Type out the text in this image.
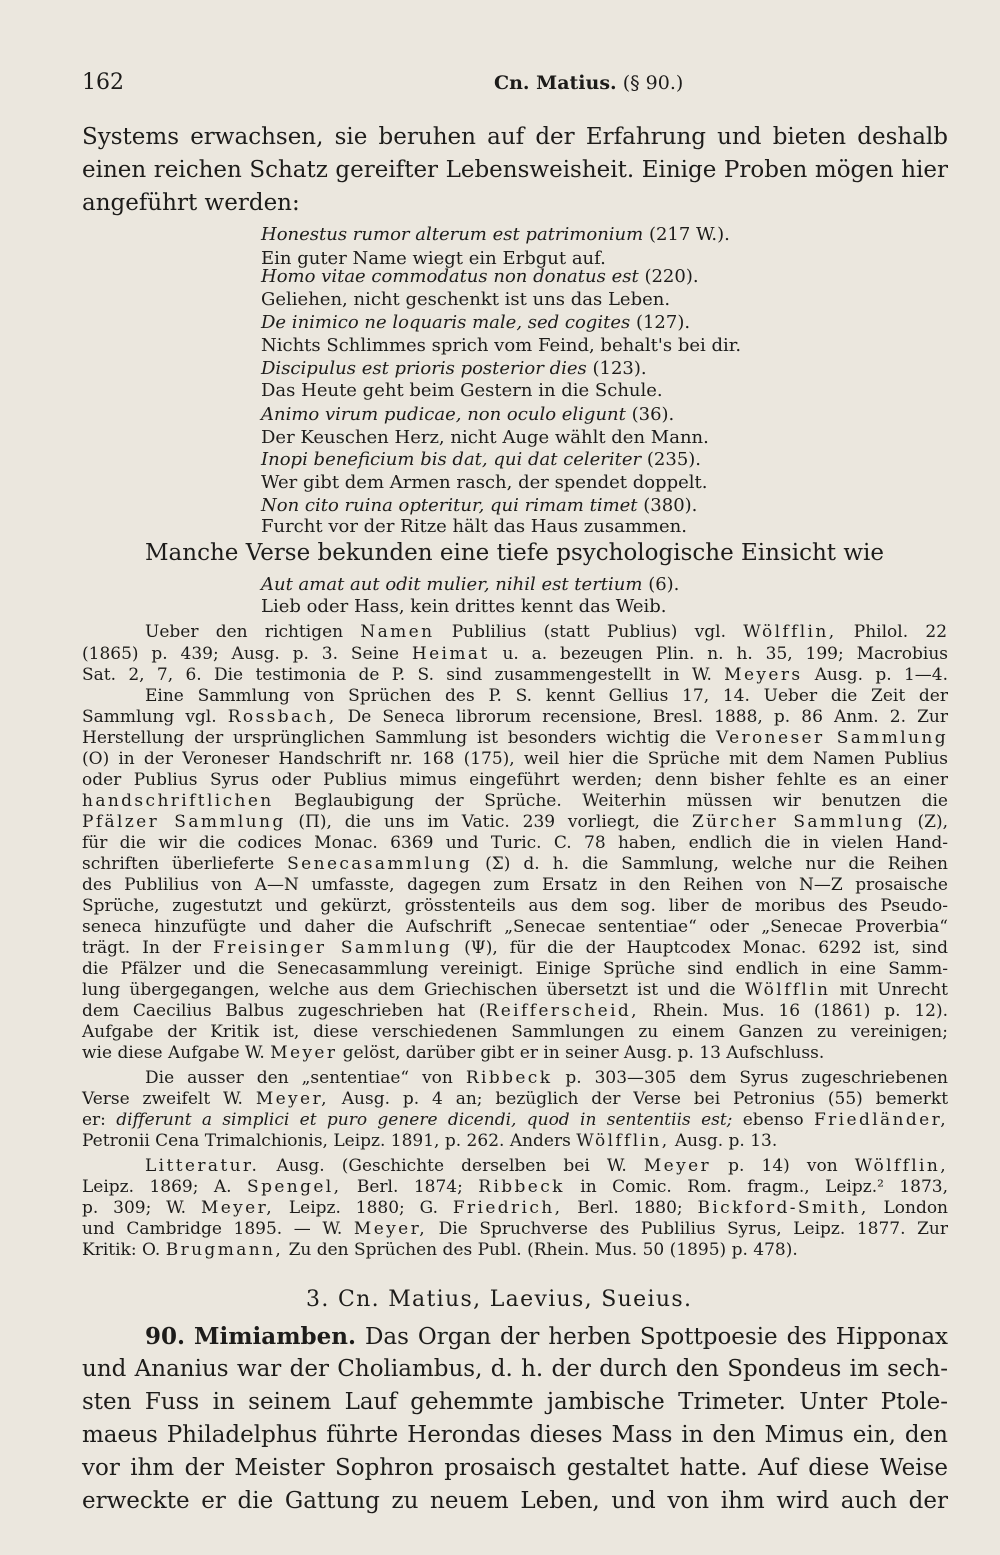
162	Cn. Matius. (§ 90.)
Systems erwachsen, sie beruhen auf der Erfahrung und bieten deshalb
einen reichen Schatz gereifter Lebensweisheit. Einige Proben mögen hier
angeführt werden:
Honestus rumor alterum est patrimonium (217 W.).
Ein guter Name wiegt ein Erbgut auf.
Homo vitae commodatus non donatus est (220).
Geliehen, nicht geschenkt ist uns das Leben.
De inimico ne loquaris male, sed cogites (127).
Nichts Schlimmes sprich vom Feind, behalt's bei dir.
Discipulus est prioris posterior dies (123).
Das Heute geht beim Gestern in die Schule.
Animo virum pudicae, non oculo eligunt (36).
Der Keuschen Herz, nicht Auge wählt den Mann.
Inopi beneficium bis dat, qui dat celeriter (235).
Wer gibt dem Armen rasch, der spendet doppelt.
Non cito ruina opteritur, qui rimam timet (380).
Furcht vor der Ritze hält das Haus zusammen.
Manche Verse bekunden eine tiefe psychologische Einsicht wie
Aut amat aut odit mulier, nihil est tertium (6).
Lieb oder Hass, kein drittes kennt das Weib.
Ueber den richtigen Namen Publilius (statt Publius) vgl. Wölfflin, Philol. 22
(1865) p. 439; Ausg. p. 3. Seine Heimat u. a. bezeugen Plin. n. h. 35, 199; Macrobius
Sat. 2, 7, 6. Die testimonia de P. S. sind zusammengestellt in W. Meyers Ausg. p. 1—4.
Eine Sammlung von Sprüchen des P. S. kennt Gellius 17, 14. Ueber die Zeit der
Sammlung vgl. Rossbach, De Seneca librorum recensione, Bresl. 1888, p. 86 Anm. 2. Zur
Herstellung der ursprünglichen Sammlung ist besonders wichtig die Veroneser Sammlung
(O) in der Veroneser Handschrift nr. 168 (175), weil hier die Sprüche mit dem Namen Publius
oder Publius Syrus oder Publius mimus eingeführt werden; denn bisher fehlte es an einer
handschriftlichen Beglaubigung der Sprüche. Weiterhin müssen wir benutzen die
Pfälzer Sammlung (Π), die uns im Vatic. 239 vorliegt, die Zürcher Sammlung (Z),
für die wir die codices Monac. 6369 und Turic. C. 78 haben, endlich die in vielen Hand-
schriften überlieferte Senecasammlung (Σ) d. h. die Sammlung, welche nur die Reihen
des Publilius von A—N umfasste, dagegen zum Ersatz in den Reihen von N—Z prosaische
Sprüche, zugestutzt und gekürzt, grösstenteils aus dem sog. liber de moribus des Pseudo-
seneca hinzufügte und daher die Aufschrift „Senecae sententiae“ oder „Senecae Proverbia“
trägt. In der Freisinger Sammlung (Ψ), für die der Hauptcodex Monac. 6292 ist, sind
die Pfälzer und die Senecasammlung vereinigt. Einige Sprüche sind endlich in eine Samm-
lung übergegangen, welche aus dem Griechischen übersetzt ist und die Wölfflin mit Unrecht
dem Caecilius Balbus zugeschrieben hat (Reifferscheid, Rhein. Mus. 16 (1861) p. 12).
Aufgabe der Kritik ist, diese verschiedenen Sammlungen zu einem Ganzen zu vereinigen;
wie diese Aufgabe W. Meyer gelöst, darüber gibt er in seiner Ausg. p. 13 Aufschluss.
Die ausser den „sententiae“ von Ribbeck p. 303—305 dem Syrus zugeschriebenen
Verse zweifelt W. Meyer, Ausg. p. 4 an; bezüglich der Verse bei Petronius (55) bemerkt
er: differunt a simplici et puro genere dicendi, quod in sententiis est; ebenso Friedländer,
Petronii Cena Trimalchionis, Leipz. 1891, p. 262. Anders Wölfflin, Ausg. p. 13.
Litteratur. Ausg. (Geschichte derselben bei W. Meyer p. 14) von Wölfflin,
Leipz. 1869; A. Spengel, Berl. 1874; Ribbeck in Comic. Rom. fragm., Leipz.² 1873,
p. 309; W. Meyer, Leipz. 1880; G. Friedrich, Berl. 1880; Bickford-Smith, London
und Cambridge 1895. — W. Meyer, Die Spruchverse des Publilius Syrus, Leipz. 1877. Zur
Kritik: O. Brugmann, Zu den Sprüchen des Publ. (Rhein. Mus. 50 (1895) p. 478).
3. Cn. Matius, Laevius, Sueius.
90. Mimiamben. Das Organ der herben Spottpoesie des Hipponax
und Ananius war der Choliambus, d. h. der durch den Spondeus im sech-
sten Fuss in seinem Lauf gehemmte jambische Trimeter. Unter Ptole-
maeus Philadelphus führte Herondas dieses Mass in den Mimus ein, den
vor ihm der Meister Sophron prosaisch gestaltet hatte. Auf diese Weise
erweckte er die Gattung zu neuem Leben, und von ihm wird auch der
